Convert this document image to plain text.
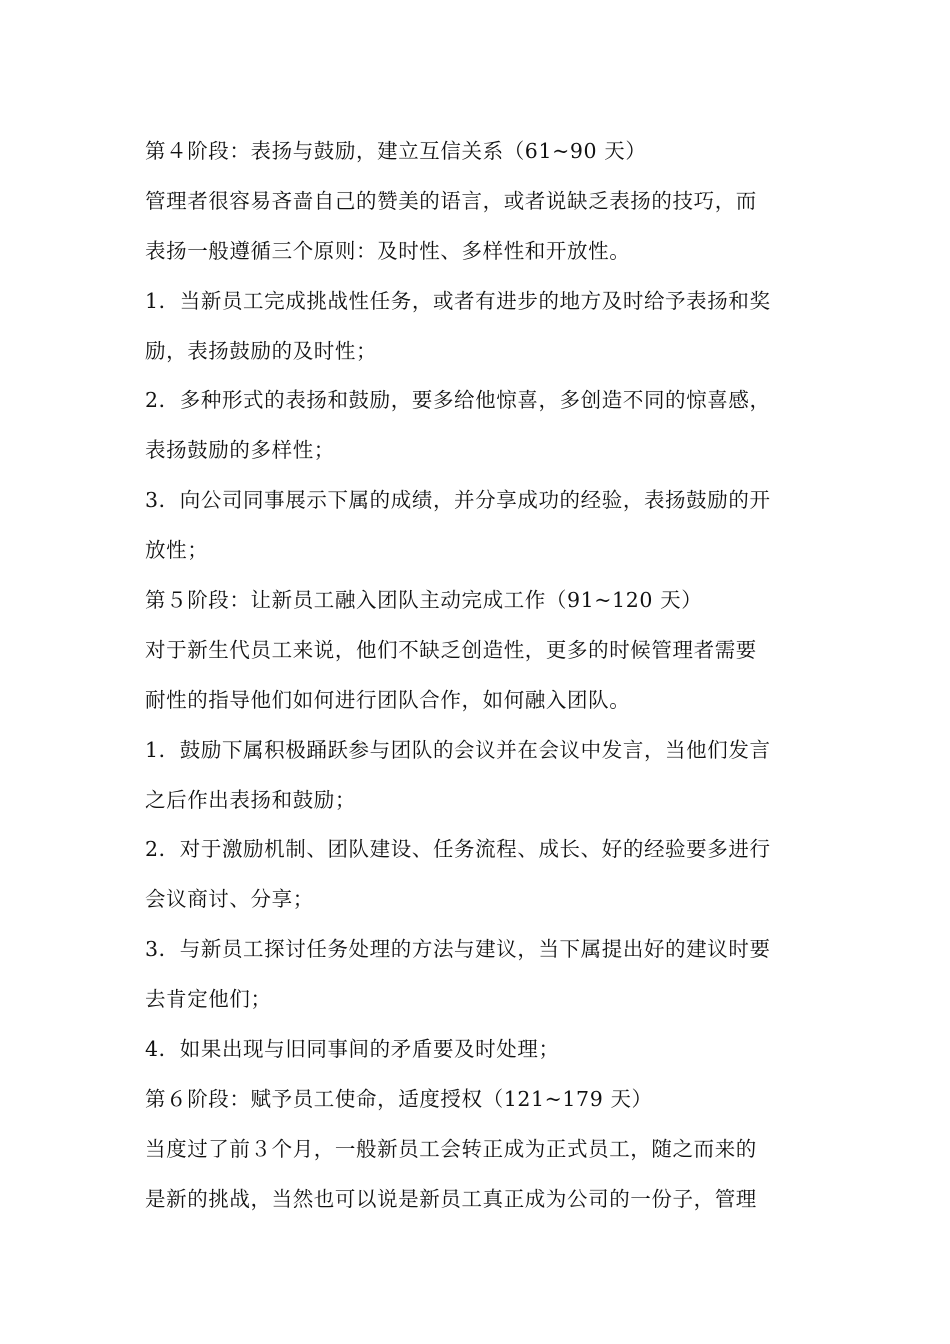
第４阶段：表扬与鼓励，建立互信关系（61~90 天）
管理者很容易吝啬自己的赞美的语言，或者说缺乏表扬的技巧，而
表扬一般遵循三个原则：及时性、多样性和开放性。
1．当新员工完成挑战性任务，或者有进步的地方及时给予表扬和奖
励，表扬鼓励的及时性；
2．多种形式的表扬和鼓励，要多给他惊喜，多创造不同的惊喜感，
表扬鼓励的多样性；
3．向公司同事展示下属的成绩，并分享成功的经验，表扬鼓励的开
放性；
第５阶段：让新员工融入团队主动完成工作（91~120 天）
对于新生代员工来说，他们不缺乏创造性，更多的时候管理者需要
耐性的指导他们如何进行团队合作，如何融入团队。
1．鼓励下属积极踊跃参与团队的会议并在会议中发言，当他们发言
之后作出表扬和鼓励；
2．对于激励机制、团队建设、任务流程、成长、好的经验要多进行
会议商讨、分享；
3．与新员工探讨任务处理的方法与建议，当下属提出好的建议时要
去肯定他们；
4．如果出现与旧同事间的矛盾要及时处理；
第６阶段：赋予员工使命，适度授权（121~179 天）
当度过了前３个月，一般新员工会转正成为正式员工，随之而来的
是新的挑战，当然也可以说是新员工真正成为公司的一份子，管理
